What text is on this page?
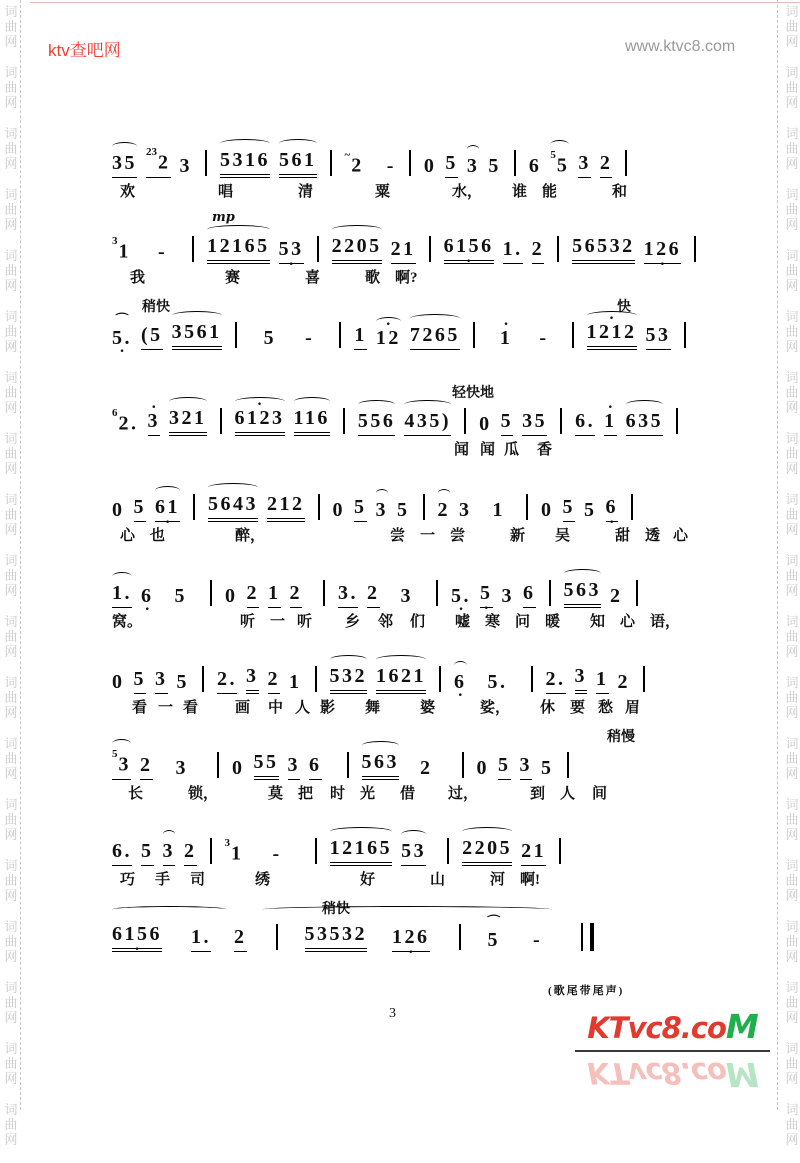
词
曲
网
词
曲
网
词
曲
网
词
曲
网
词
曲
网
词
曲
网
词
曲
网
词
曲
网
词
曲
网
词
曲
网
词
曲
网
词
曲
网
词
曲
网
词
曲
网
词
曲
网
词
曲
网
词
曲
网
词
曲
网
词
曲
网
词
曲
网
词
曲
网
词
曲
网
词
曲
网
词
曲
网
词
曲
网
词
曲
网
词
曲
网
词
曲
网
词
曲
网
词
曲
网
词
曲
网
词
曲
网
词
曲
网
词
曲
网
词
曲
网
词
曲
网
词
曲
网
词
曲
网
ktv查吧网	www.ktvc8.com
35 $^{23}$2 3 5316 561	~2 - 0 5 3 5 6 $^5$5 3 2
欢	唱	清	粟	水， 谁 能	和
mp
$^3$1 - 12165 53 · 2205 21 6156 · 1. 2 56532 126 ·
我	赛	喜	歌 啊?
稍快	快
⌒ 5. · (5 3561 5 - 1 12 · 7265 1 · - 1212 · 53
轻快地
$^6$2. 3 · 321 6123 · 116 556 435) 0 5 35 6. 1 · 635
闻 闻 瓜 香
0 5 61 · 5643 212 0 5 3 5 2 3 1 0 5 5 6 ·
心 也	醉，	尝 一 尝	新 吴	甜 透 心
1. 6 · 5 0 2 1 2 3. 2 3 5. · 5 · 3 6 563 2
窝。	听 一 听 乡 邻 们 嘘 寒 问 暖 知 心 语，
0 5 3 5 2. 3 2 1 532 1621 6 · 5. 2. 3 1 2
看 一 看 画 中 人 影 舞	婆	娑， 休 要 愁 眉
稍慢
$^5$3 2 3 0 55 3 6 563 2 0 5 3 5
长	锁，	莫 把 时 光 借 过，	到 人 间
6. 5 3 2	$^3$1 - 12165 53 2205 21
巧 手 司	绣	好	山	河 啊!
稍快
6156 · 1. 2	53532 126 ·	⌒ 5 -
(歌尾带尾声)
3	KTvc8.coM
KTvc8.coM
